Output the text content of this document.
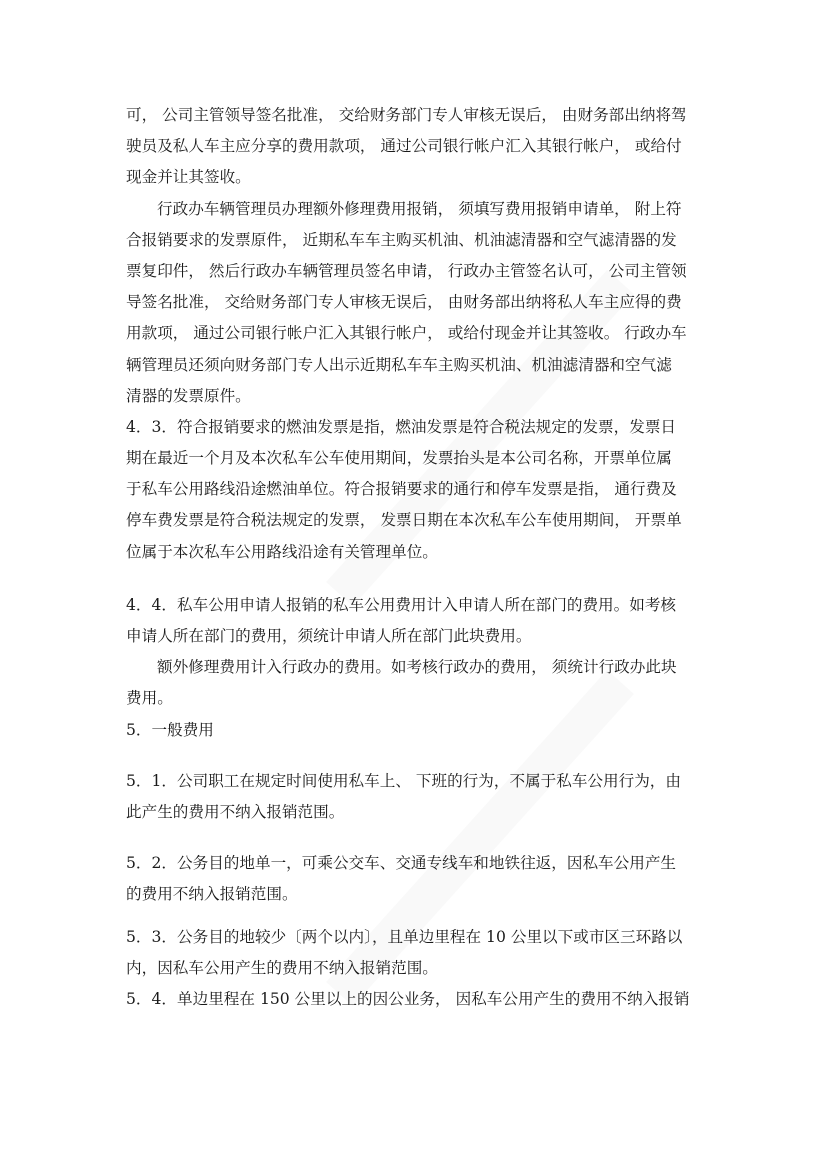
可， 公司主管领导签名批准， 交给财务部门专人审核无误后， 由财务部出纳将驾
驶员及私人车主应分享的费用款项， 通过公司银行帐户汇入其银行帐户， 或给付
现金并让其签收。
行政办车辆管理员办理额外修理费用报销， 须填写费用报销申请单， 附上符
合报销要求的发票原件， 近期私车车主购买机油、机油滤清器和空气滤清器的发
票复印件， 然后行政办车辆管理员签名申请， 行政办主管签名认可， 公司主管领
导签名批准， 交给财务部门专人审核无误后， 由财务部出纳将私人车主应得的费
用款项， 通过公司银行帐户汇入其银行帐户， 或给付现金并让其签收。 行政办车
辆管理员还须向财务部门专人出示近期私车车主购买机油、机油滤清器和空气滤
清器的发票原件。
4．3．符合报销要求的燃油发票是指，燃油发票是符合税法规定的发票，发票日
期在最近一个月及本次私车公车使用期间，发票抬头是本公司名称，开票单位属
于私车公用路线沿途燃油单位。符合报销要求的通行和停车发票是指， 通行费及
停车费发票是符合税法规定的发票， 发票日期在本次私车公车使用期间， 开票单
位属于本次私车公用路线沿途有关管理单位。
4．4．私车公用申请人报销的私车公用费用计入申请人所在部门的费用。如考核
申请人所在部门的费用，须统计申请人所在部门此块费用。
额外修理费用计入行政办的费用。如考核行政办的费用， 须统计行政办此块
费用。
5．一般费用
5．1．公司职工在规定时间使用私车上、 下班的行为，不属于私车公用行为，由
此产生的费用不纳入报销范围。
5．2．公务目的地单一，可乘公交车、交通专线车和地铁往返，因私车公用产生
的费用不纳入报销范围。
5．3．公务目的地较少〔两个以内〕，且单边里程在 10 公里以下或市区三环路以
内，因私车公用产生的费用不纳入报销范围。
5．4．单边里程在 150 公里以上的因公业务， 因私车公用产生的费用不纳入报销
